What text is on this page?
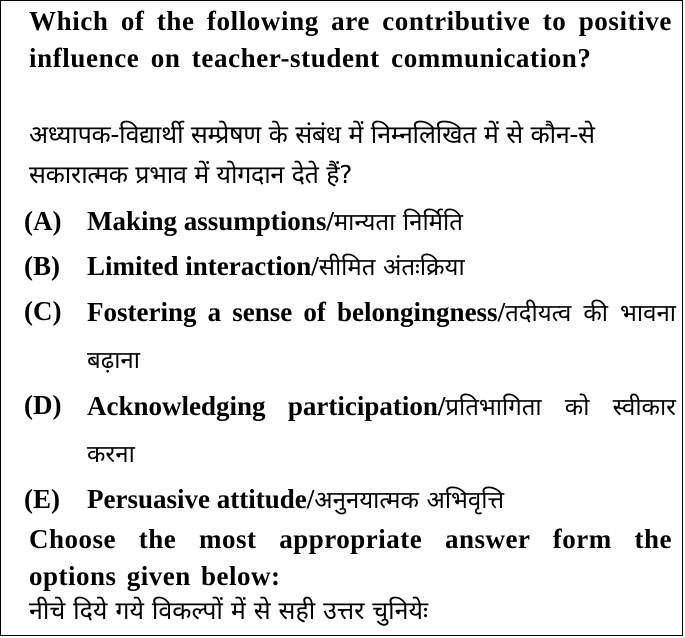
Which of the following are contributive to positive influence on teacher-student communication?
अध्यापक-विद्यार्थी सम्प्रेषण के संबंध में निम्नलिखित में से कौन-से सकारात्मक प्रभाव में योगदान देते हैं?
(A) Making assumptions/मान्यता निर्मिति
(B)	Limited interaction/सीमित अंतःक्रिया
(C) Fostering a sense of belongingness/तदीयत्व की भावना बढ़ाना
(D) Acknowledging participation/प्रतिभागिता को स्वीकार करना
(E)	Persuasive attitude/अनुनयात्मक अभिवृत्ति
Choose the most appropriate answer form the options given below:
नीचे दिये गये विकल्पों में से सही उत्तर चुनियेः
